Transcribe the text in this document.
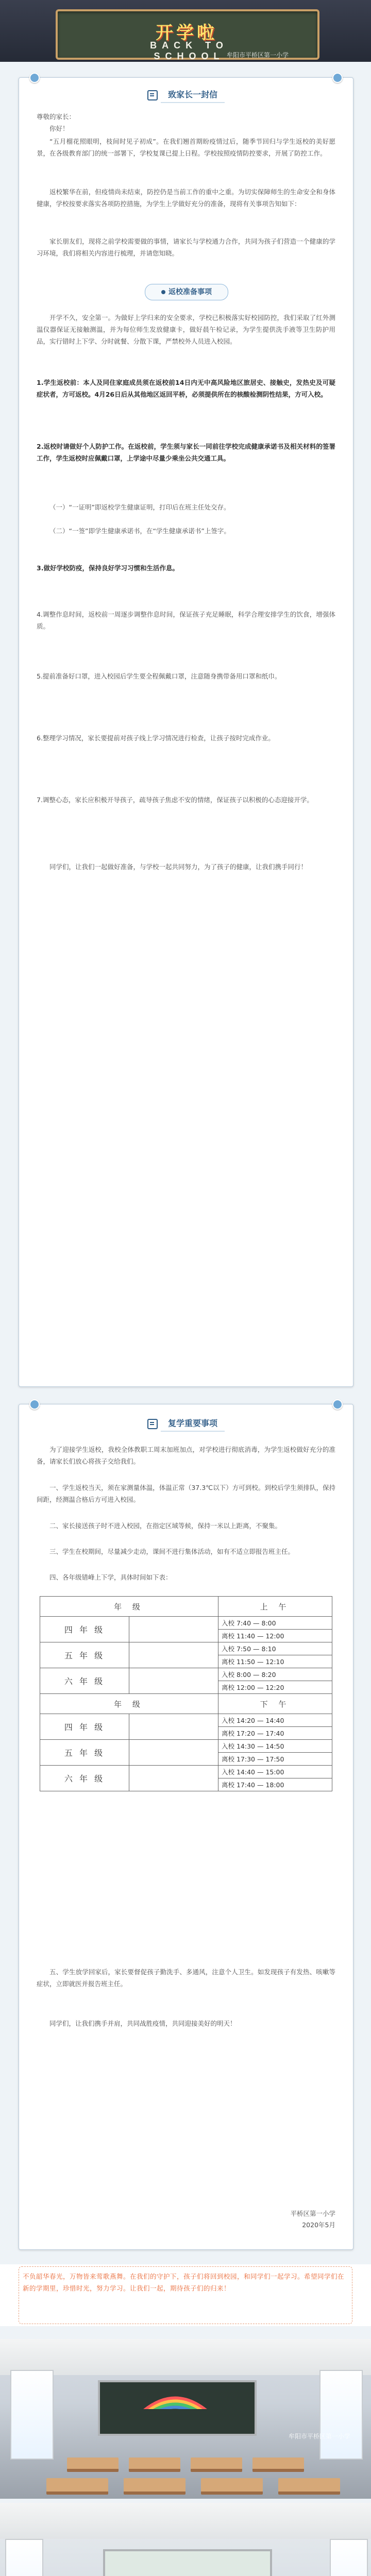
开学啦
BACK TO SCHOOL 牟阳市平桥区第一小学
致家长一封信
尊敬的家长：
你好！
“五月榴花照眼明，枝间时见子初成”。在我们翘首期盼疫情过后，随季节回归与学生返校的美好愿景，在各级教育部门的统一部署下，学校复课已提上日程。学校按照疫情防控要求，开展了防控工作。
返校繁华在前，但疫情尚未结束，防控仍是当前工作的重中之重。为切实保障师生的生命安全和身体健康，学校按要求落实各项防控措施，为学生上学做好充分的准备，现将有关事项告知如下：
家长朋友们，现将之前学校需要做的事情，请家长与学校通力合作，共同为孩子们营造一个健康的学习环境，我们将相关内容进行梳理，并请您知晓。
返校准备事项
开学不久，安全第一。为做好上学归来的安全要求，学校已积极落实好校园防控，我们采取了红外测温仪器保证无接触测温，并为每位师生发放健康卡，做好晨午检记录，为学生提供洗手液等卫生防护用品，实行错时上下学、分时就餐、分散下课，严禁校外人员进入校园。
1.学生返校前：本人及同住家庭成员须在返校前14日内无中高风险地区旅居史、接触史，发热史及可疑症状者，方可返校。4月26日后从其他地区返回平桥，必须提供所在的核酸检测阴性结果，方可入校。
2.返校时请做好个人防护工作。在返校前，学生须与家长一同前往学校完成健康承诺书及相关材料的签署工作，学生返校时应佩戴口罩，上学途中尽量少乘坐公共交通工具。
（一）“一证明”即返校学生健康证明，打印后在班主任处交存。
（二）“一签”即学生健康承诺书，在“学生健康承诺书”上签字。
3.做好学校防疫，保持良好学习习惯和生活作息。
4.调整作息时间，返校前一周逐步调整作息时间，保证孩子充足睡眠，科学合理安排学生的饮食，增强体质。
5.提前准备好口罩，进入校园后学生要全程佩戴口罩，注意随身携带备用口罩和纸巾。
6.整理学习情况，家长要提前对孩子线上学习情况进行检查，让孩子按时完成作业。
7.调整心态，家长应积极开导孩子，疏导孩子焦虑不安的情绪，保证孩子以积极的心态迎接开学。
同学们，让我们一起做好准备，与学校一起共同努力，为了孩子的健康，让我们携手同行！
复学重要事项
为了迎接学生返校，我校全体教职工周末加班加点，对学校进行彻底消毒，为学生返校做好充分的准备，请家长们放心将孩子交给我们。
一、学生返校当天，须在家测量体温，体温正常（37.3℃以下）方可到校。到校后学生须排队，保持间距，经测温合格后方可进入校园。
二、家长接送孩子时不进入校园，在指定区域等候，保持一米以上距离，不聚集。
三、学生在校期间，尽量减少走动，课间不进行集体活动，如有不适立即报告班主任。
四、各年级错峰上下学，具体时间如下表：
年 级		上 午
四 年 级		入校 7:40 — 8:00
		离校 11:40 — 12:00
五 年 级		入校 7:50 — 8:10
		离校 11:50 — 12:10
六 年 级		入校 8:00 — 8:20
		离校 12:00 — 12:20
年 级		下 午
四 年 级		入校 14:20 — 14:40
		离校 17:20 — 17:40
五 年 级		入校 14:30 — 14:50
		离校 17:30 — 17:50
六 年 级		入校 14:40 — 15:00
		离校 17:40 — 18:00
五、学生放学回家后，家长要督促孩子勤洗手、多通风，注意个人卫生。如发现孩子有发热、咳嗽等症状，立即就医并报告班主任。
同学们，让我们携手并肩，共同战胜疫情，共同迎接美好的明天！
平桥区第一小学
2020年5月
不负韶华春光，万物皆来莺歌燕舞。在我们的守护下，孩子们将回到校园，和同学们一起学习。希望同学们在新的学期里，珍惜时光，努力学习。让我们一起，期待孩子们的归来！
牟阳市平桥区第一小学
